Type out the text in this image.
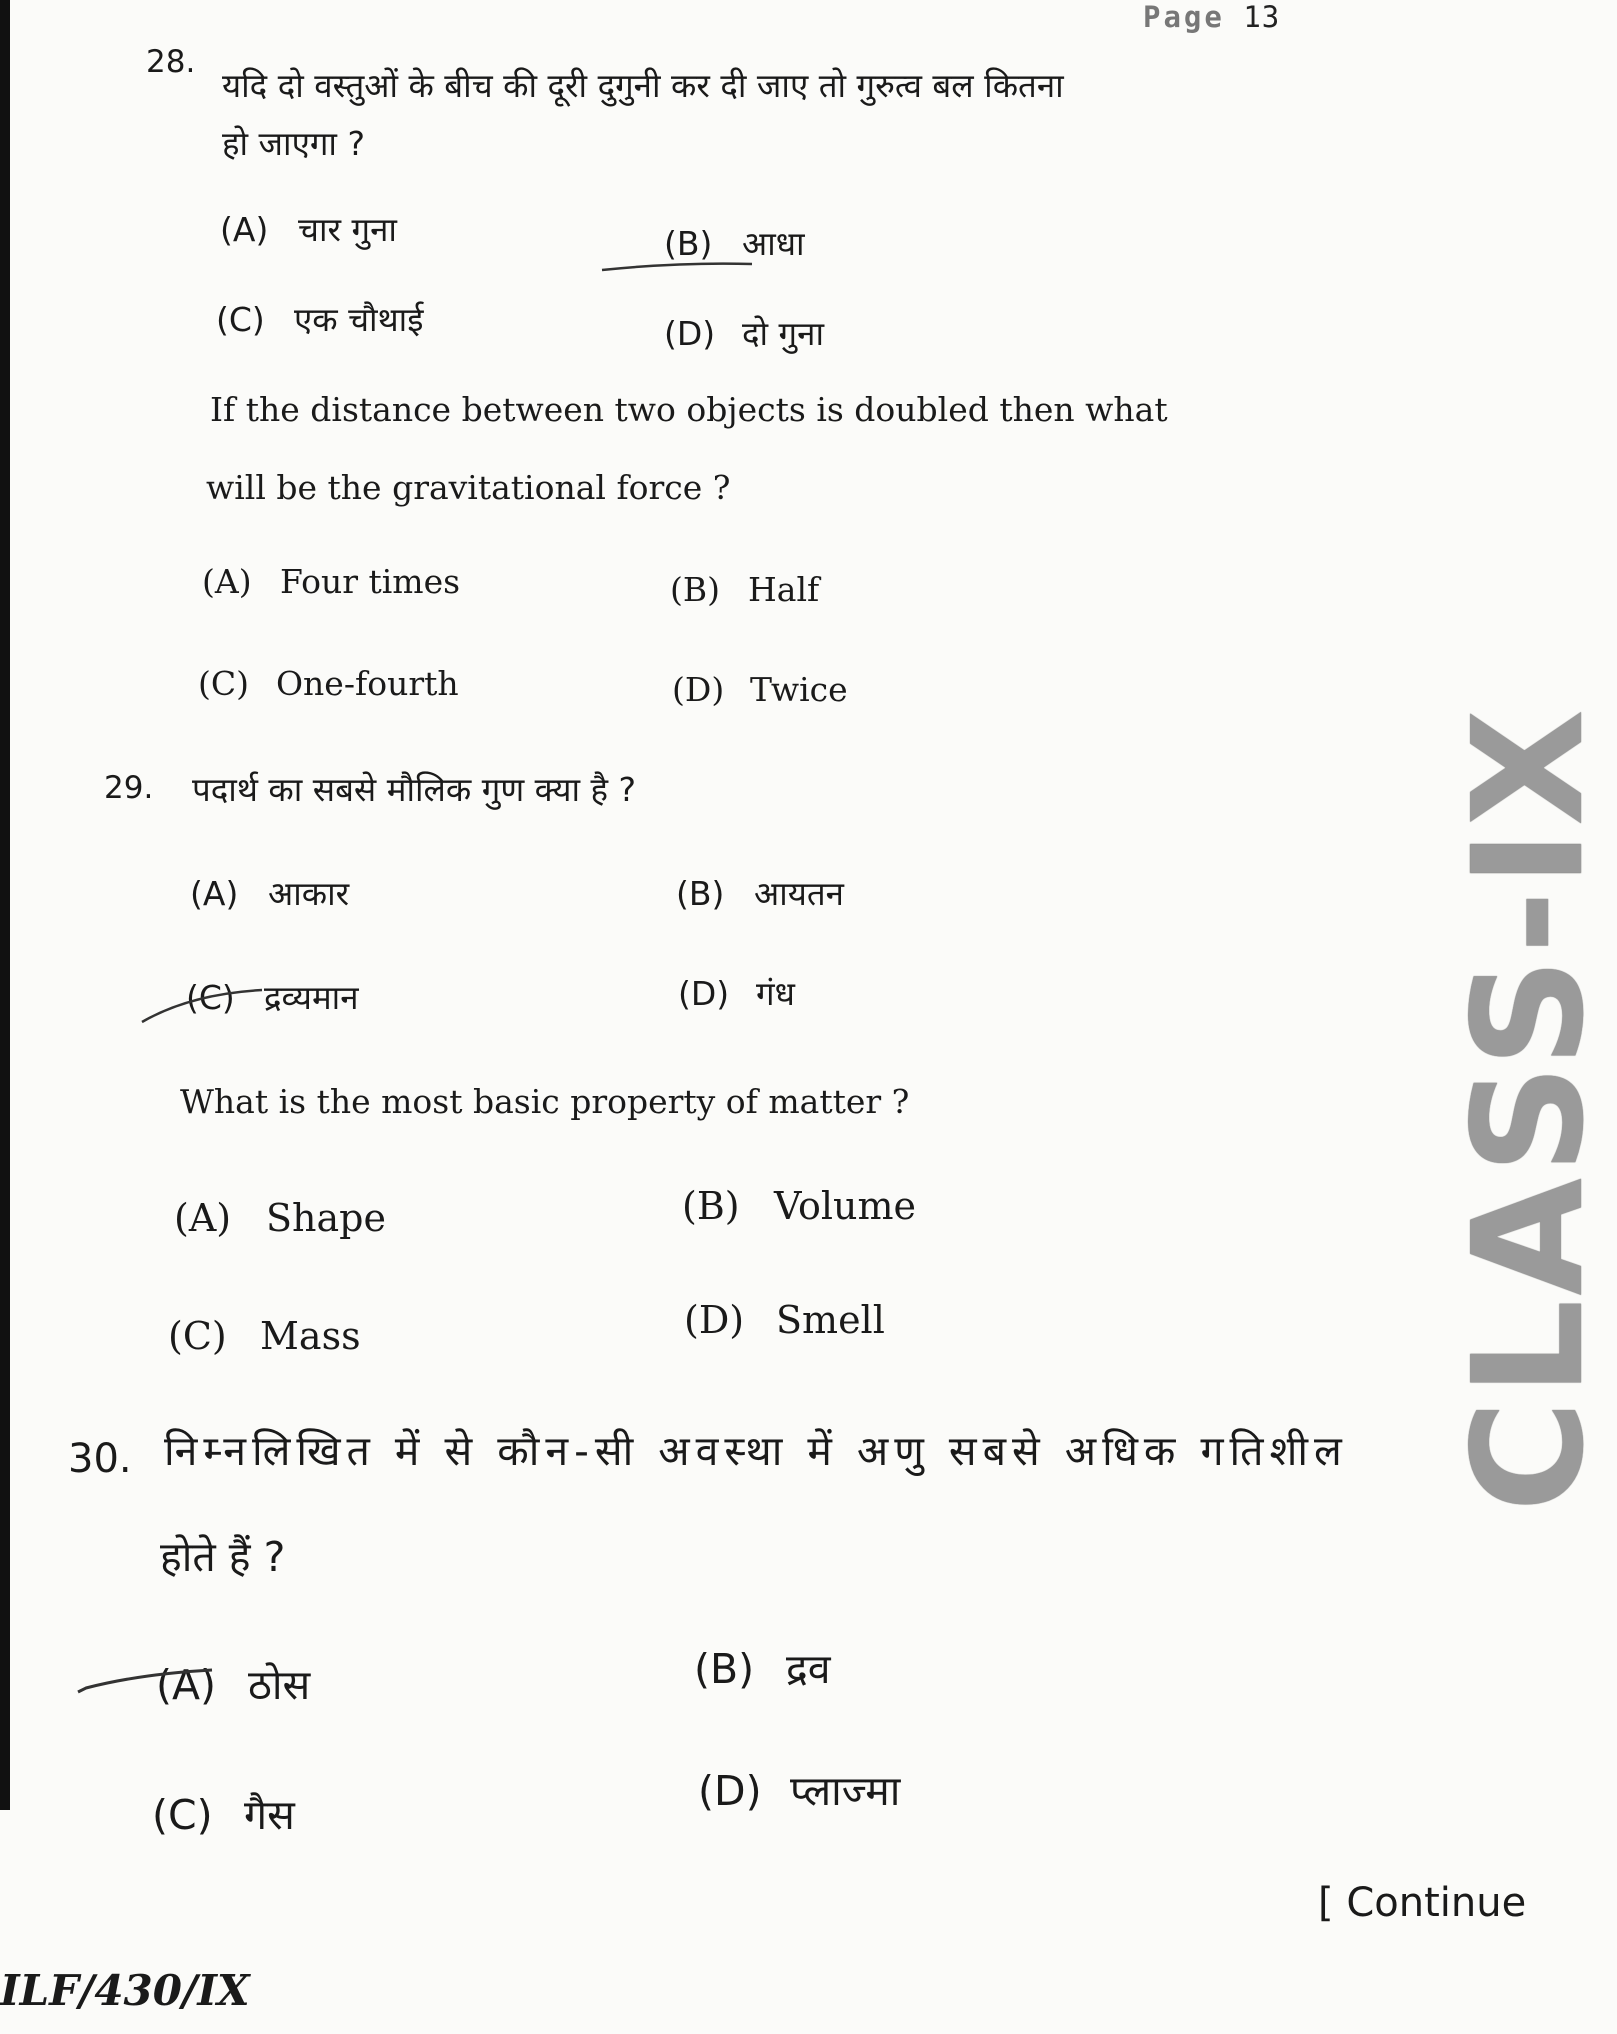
Page 13
CLASS-IX
28.
यदि दो वस्तुओं के बीच की दूरी दुगुनी कर दी जाए तो गुरुत्व बल कितना
हो जाएगा ?
(A) चार गुना	(B) आधा
(C) एक चौथाई	(D) दो गुना
If the distance between two objects is doubled then what
will be the gravitational force ?
(A) Four times	(B) Half
(C) One-fourth	(D) Twice
29. पदार्थ का सबसे मौलिक गुण क्या है ?
(A) आकार	(B) आयतन
(C) द्रव्यमान	(D) गंध
What is the most basic property of matter ?
(A) Shape	(B) Volume
(C) Mass	(D) Smell
30. निम्नलिखित में से कौन-सी अवस्था में अणु सबसे अधिक गतिशील
होते हैं ?
(A) ठोस	(B) द्रव
(C) गैस	(D) प्लाज्मा
[ Continue
ILF/430/IX
